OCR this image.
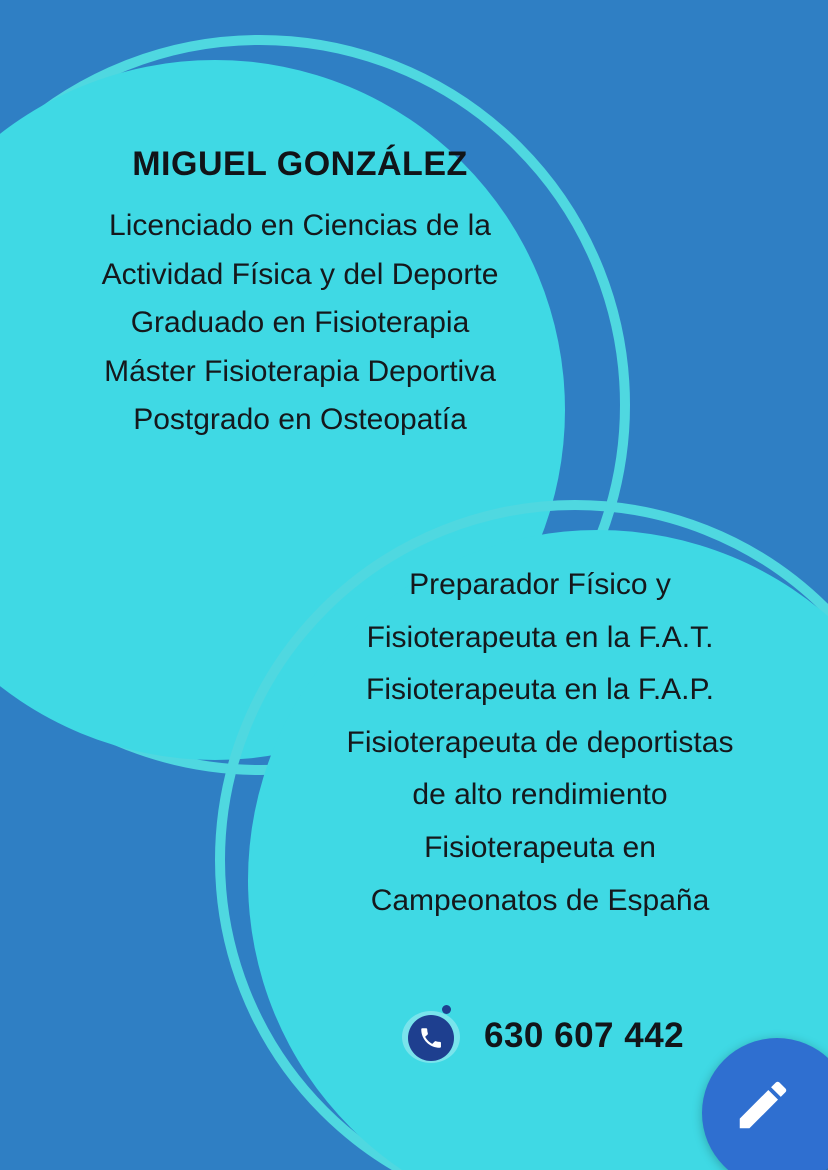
MIGUEL GONZÁLEZ

Licenciado en Ciencias de la

Actividad Física y del Deporte

Graduado en Fisioterapia

Máster Fisioterapia Deportiva

Postgrado en Osteopatía

Preparador Físico y

Fisioterapeuta en la F.A.T.

Fisioterapeuta en la F.A.P.

Fisioterapeuta de deportistas

de alto rendimiento

Fisioterapeuta en

Campeonatos de España

630 607 442
